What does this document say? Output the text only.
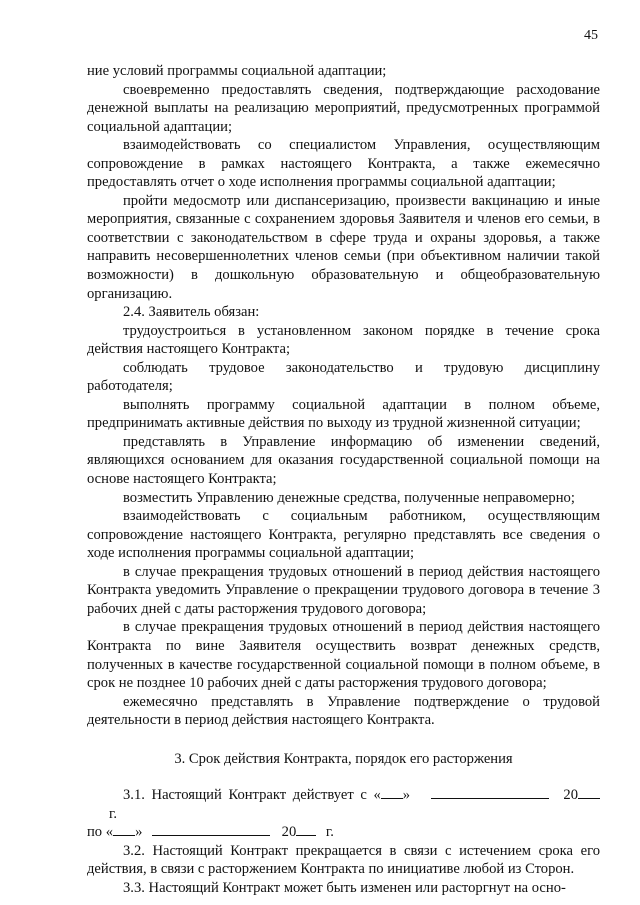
45

ние условий программы социальной адаптации;

своевременно предоставлять сведения, подтверждающие расходование денежной выплаты на реализацию мероприятий, предусмотренных программой социальной адаптации;

взаимодействовать со специалистом Управления, осуществляющим сопровождение в рамках настоящего Контракта, а также ежемесячно предоставлять отчет о ходе исполнения программы социальной адаптации;

пройти медосмотр или диспансеризацию, произвести вакцинацию и иные мероприятия, связанные с сохранением здоровья Заявителя и членов его семьи, в соответствии с законодательством в сфере труда и охраны здоровья, а также направить несовершеннолетних членов семьи (при объективном наличии такой возможности) в дошкольную образовательную и общеобразовательную организацию.

2.4. Заявитель обязан:

трудоустроиться в установленном законом порядке в течение срока действия настоящего Контракта;

соблюдать трудовое законодательство и трудовую дисциплину работодателя;

выполнять программу социальной адаптации в полном объеме, предпринимать активные действия по выходу из трудной жизненной ситуации;

представлять в Управление информацию об изменении сведений, являющихся основанием для оказания государственной социальной помощи на основе настоящего Контракта;

возместить Управлению денежные средства, полученные неправомерно;

взаимодействовать с социальным работником, осуществляющим сопровождение настоящего Контракта, регулярно представлять все сведения о ходе исполнения программы социальной адаптации;

в случае прекращения трудовых отношений в период действия настоящего Контракта уведомить Управление о прекращении трудового договора в течение 3 рабочих дней с даты расторжения трудового договора;

в случае прекращения трудовых отношений в период действия настоящего Контракта по вине Заявителя осуществить возврат денежных средств, полученных в качестве государственной социальной помощи в полном объеме, в срок не позднее 10 рабочих дней с даты расторжения трудового договора;

ежемесячно представлять в Управление подтверждение о трудовой деятельности в период действия настоящего Контракта.

3. Срок действия Контракта, порядок его расторжения

3.1. Настоящий Контракт действует с « »	20 г.
по « »	20 г.

3.2. Настоящий Контракт прекращается в связи с истечением срока его действия, в связи с расторжением Контракта по инициативе любой из Сторон.

3.3. Настоящий Контракт может быть изменен или расторгнут на осно-
